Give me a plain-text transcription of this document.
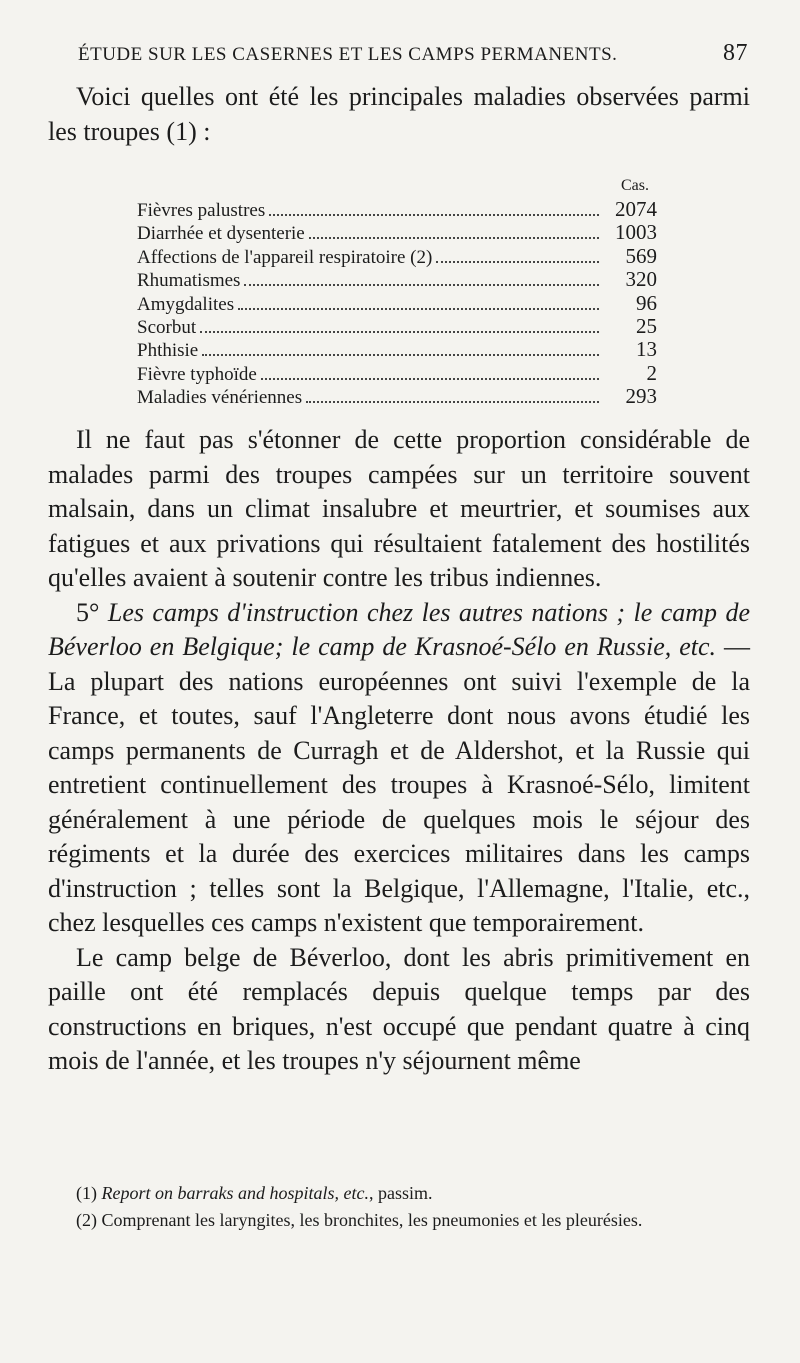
ÉTUDE SUR LES CASERNES ET LES CAMPS PERMANENTS.	87

Voici quelles ont été les principales maladies observées parmi les troupes (1) :

Cas.
Fièvres palustres	2074
Diarrhée et dysenterie	1003
Affections de l'appareil respiratoire (2)	569
Rhumatismes	320
Amygdalites	96
Scorbut	25
Phthisie	13
Fièvre typhoïde	2
Maladies vénériennes	293

Il ne faut pas s'étonner de cette proportion considérable de malades parmi des troupes campées sur un territoire souvent malsain, dans un climat insalubre et meurtrier, et soumises aux fatigues et aux privations qui résultaient fatalement des hostilités qu'elles avaient à soutenir contre les tribus indiennes.

5° Les camps d'instruction chez les autres nations ; le camp de Béverloo en Belgique; le camp de Krasnoé-Sélo en Russie, etc. — La plupart des nations européennes ont suivi l'exemple de la France, et toutes, sauf l'Angleterre dont nous avons étudié les camps permanents de Curragh et de Aldershot, et la Russie qui entretient continuellement des troupes à Krasnoé-Sélo, limitent généralement à une période de quelques mois le séjour des régiments et la durée des exercices militaires dans les camps d'instruction ; telles sont la Belgique, l'Allemagne, l'Italie, etc., chez lesquelles ces camps n'existent que temporairement.

Le camp belge de Béverloo, dont les abris primitivement en paille ont été remplacés depuis quelque temps par des constructions en briques, n'est occupé que pendant quatre à cinq mois de l'année, et les troupes n'y séjournent même

(1) Report on barraks and hospitals, etc., passim.

(2) Comprenant les laryngites, les bronchites, les pneumonies et les pleurésies.
